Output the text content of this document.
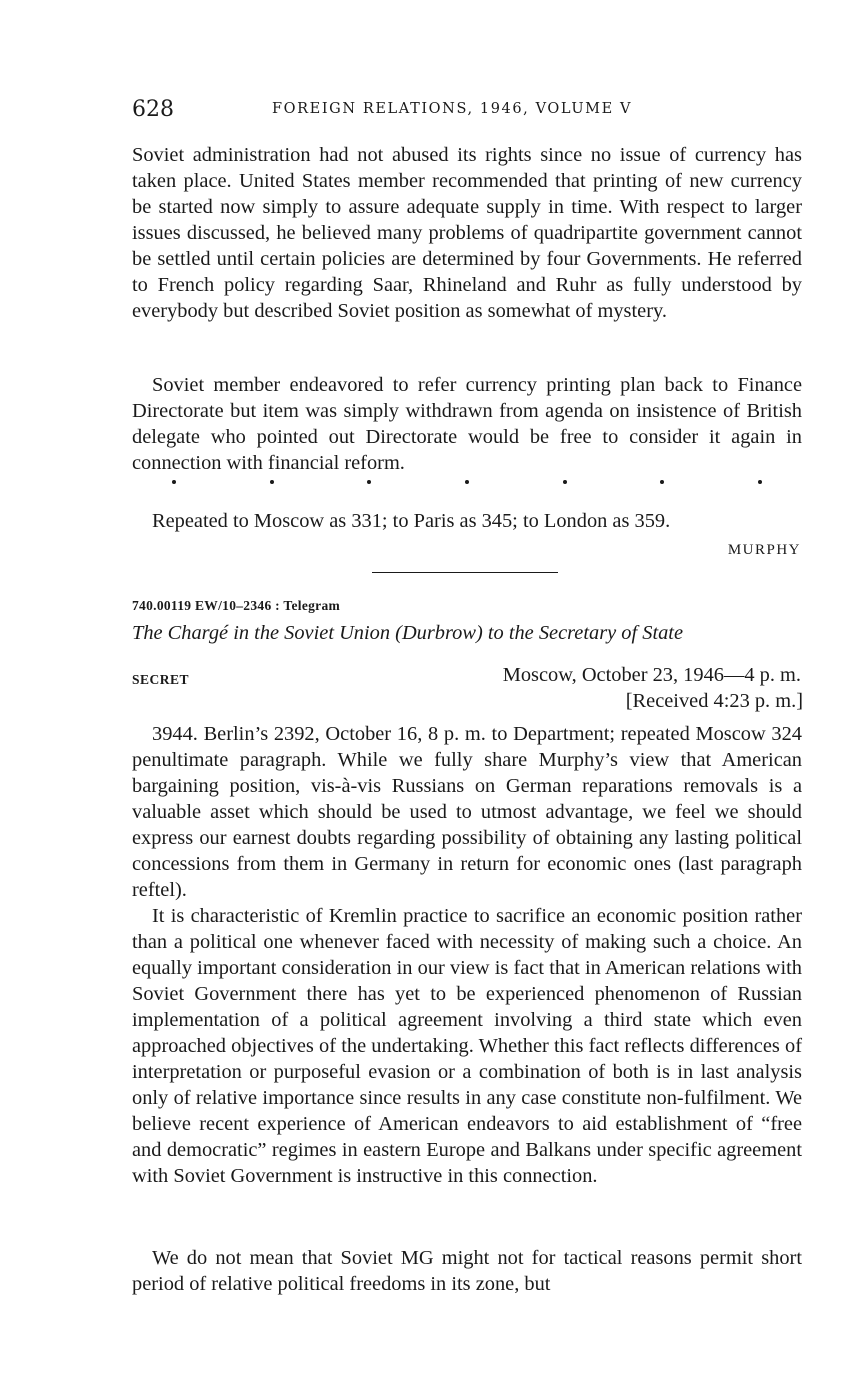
628	FOREIGN RELATIONS, 1946, VOLUME V

Soviet administration had not abused its rights since no issue of currency has taken place. United States member recommended that printing of new currency be started now simply to assure adequate supply in time. With respect to larger issues discussed, he believed many problems of quadripartite government cannot be settled until certain policies are determined by four Governments. He referred to French policy regarding Saar, Rhineland and Ruhr as fully understood by everybody but described Soviet position as somewhat of mystery.

Soviet member endeavored to refer currency printing plan back to Finance Directorate but item was simply withdrawn from agenda on insistence of British delegate who pointed out Directorate would be free to consider it again in connection with financial reform.

Repeated to Moscow as 331; to Paris as 345; to London as 359.
MURPHY
740.00119 EW/10–2346 : Telegram
The Chargé in the Soviet Union (Durbrow) to the Secretary of State
SECRET	Moscow, October 23, 1946—4 p. m.
[Received 4:23 p. m.]

3944. Berlin’s 2392, October 16, 8 p. m. to Department; repeated Moscow 324 penultimate paragraph. While we fully share Murphy’s view that American bargaining position, vis-à-vis Russians on German reparations removals is a valuable asset which should be used to utmost advantage, we feel we should express our earnest doubts regarding possibility of obtaining any lasting political concessions from them in Germany in return for economic ones (last paragraph reftel).

It is characteristic of Kremlin practice to sacrifice an economic position rather than a political one whenever faced with necessity of making such a choice. An equally important consideration in our view is fact that in American relations with Soviet Government there has yet to be experienced phenomenon of Russian implementation of a political agreement involving a third state which even approached objectives of the undertaking. Whether this fact reflects differences of interpretation or purposeful evasion or a combination of both is in last analysis only of relative importance since results in any case constitute non-fulfilment. We believe recent experience of American endeavors to aid establishment of “free and democratic” regimes in eastern Europe and Balkans under specific agreement with Soviet Government is instructive in this connection.

We do not mean that Soviet MG might not for tactical reasons permit short period of relative political freedoms in its zone, but
